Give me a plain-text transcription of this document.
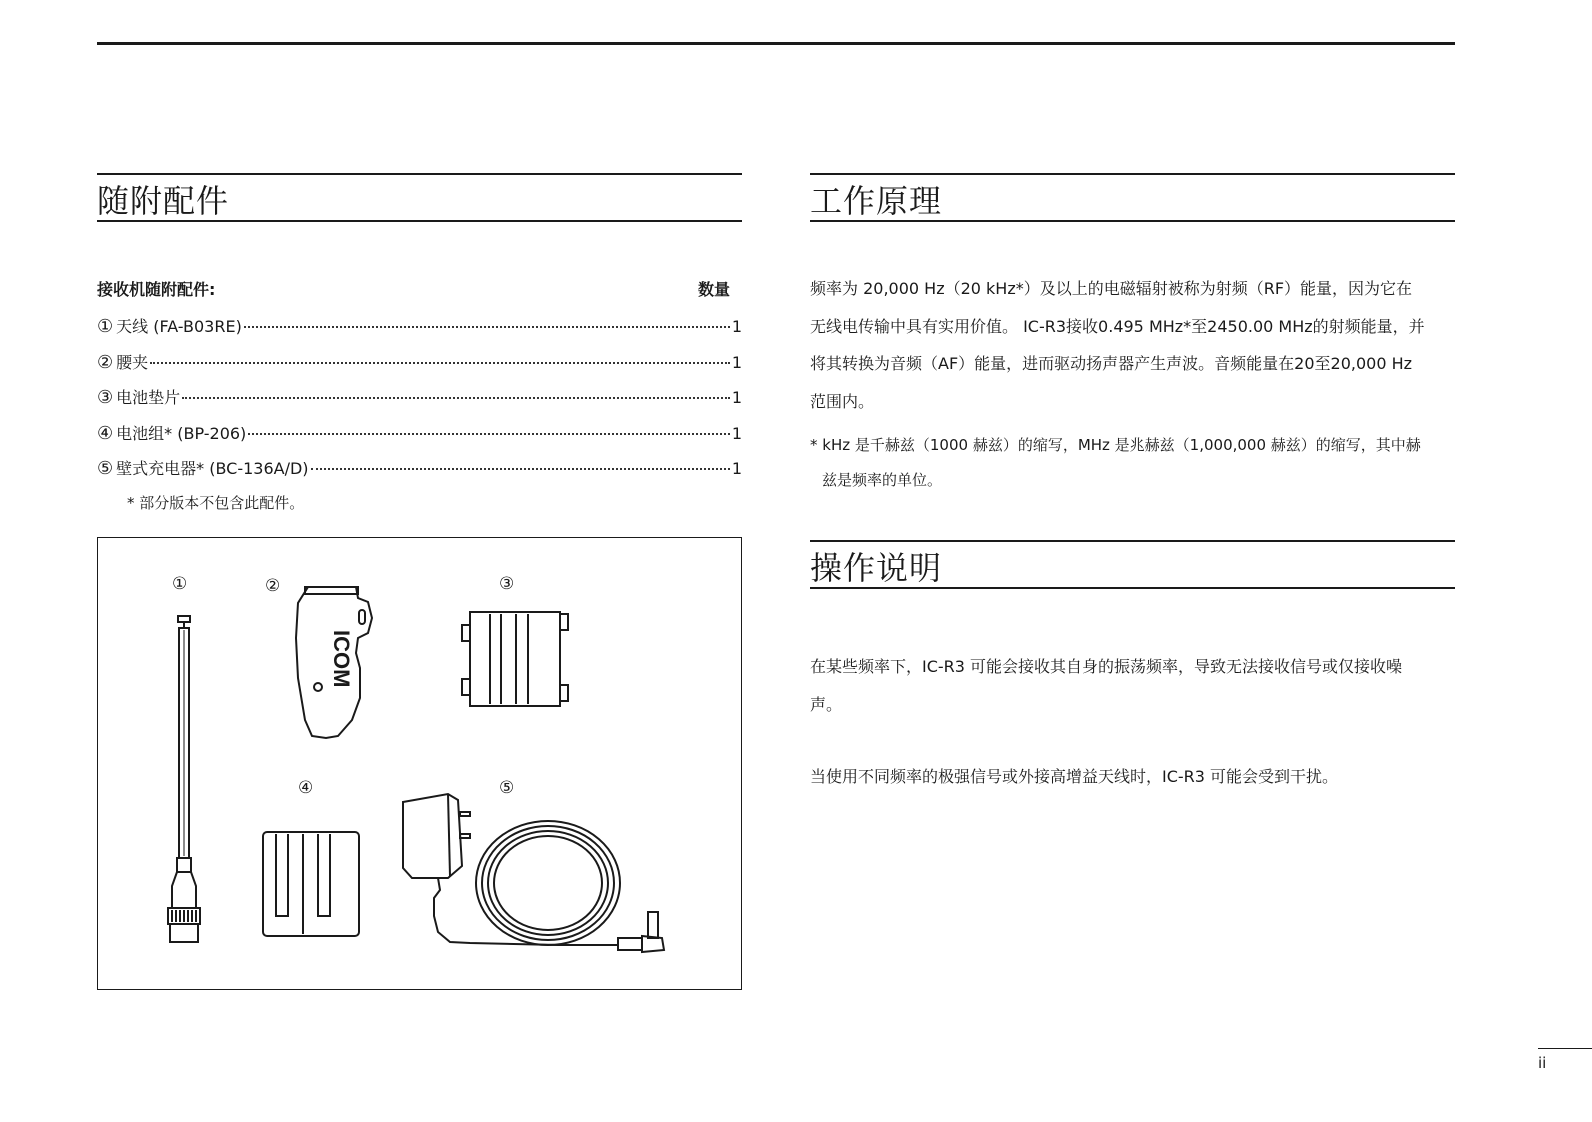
随附配件
接收机随附配件:	数量
① 天线 (FA-B03RE)	1
② 腰夹	1
③ 电池垫片	1
④ 电池组* (BP-206)	1
⑤ 壁式充电器* (BC-136A/D)	1
* 部分版本不包含此配件。
①	②	③
④	⑤
ICOM
工作原理

频率为 20,000 Hz（20 kHz*）及以上的电磁辐射被称为射频（RF）能量，因为它在
无线电传输中具有实用价值。 IC-R3接收0.495 MHz*至2450.00 MHz的射频能量，并
将其转换为音频（AF）能量，进而驱动扬声器产生声波。音频能量在20至20,000 Hz
范围内。

* kHz 是千赫兹（1000 赫兹）的缩写，MHz 是兆赫兹（1,000,000 赫兹）的缩写，其中赫
兹是频率的单位。

操作说明

在某些频率下，IC-R3 可能会接收其自身的振荡频率，导致无法接收信号或仅接收噪
声。

当使用不同频率的极强信号或外接高增益天线时，IC-R3 可能会受到干扰。

ii
